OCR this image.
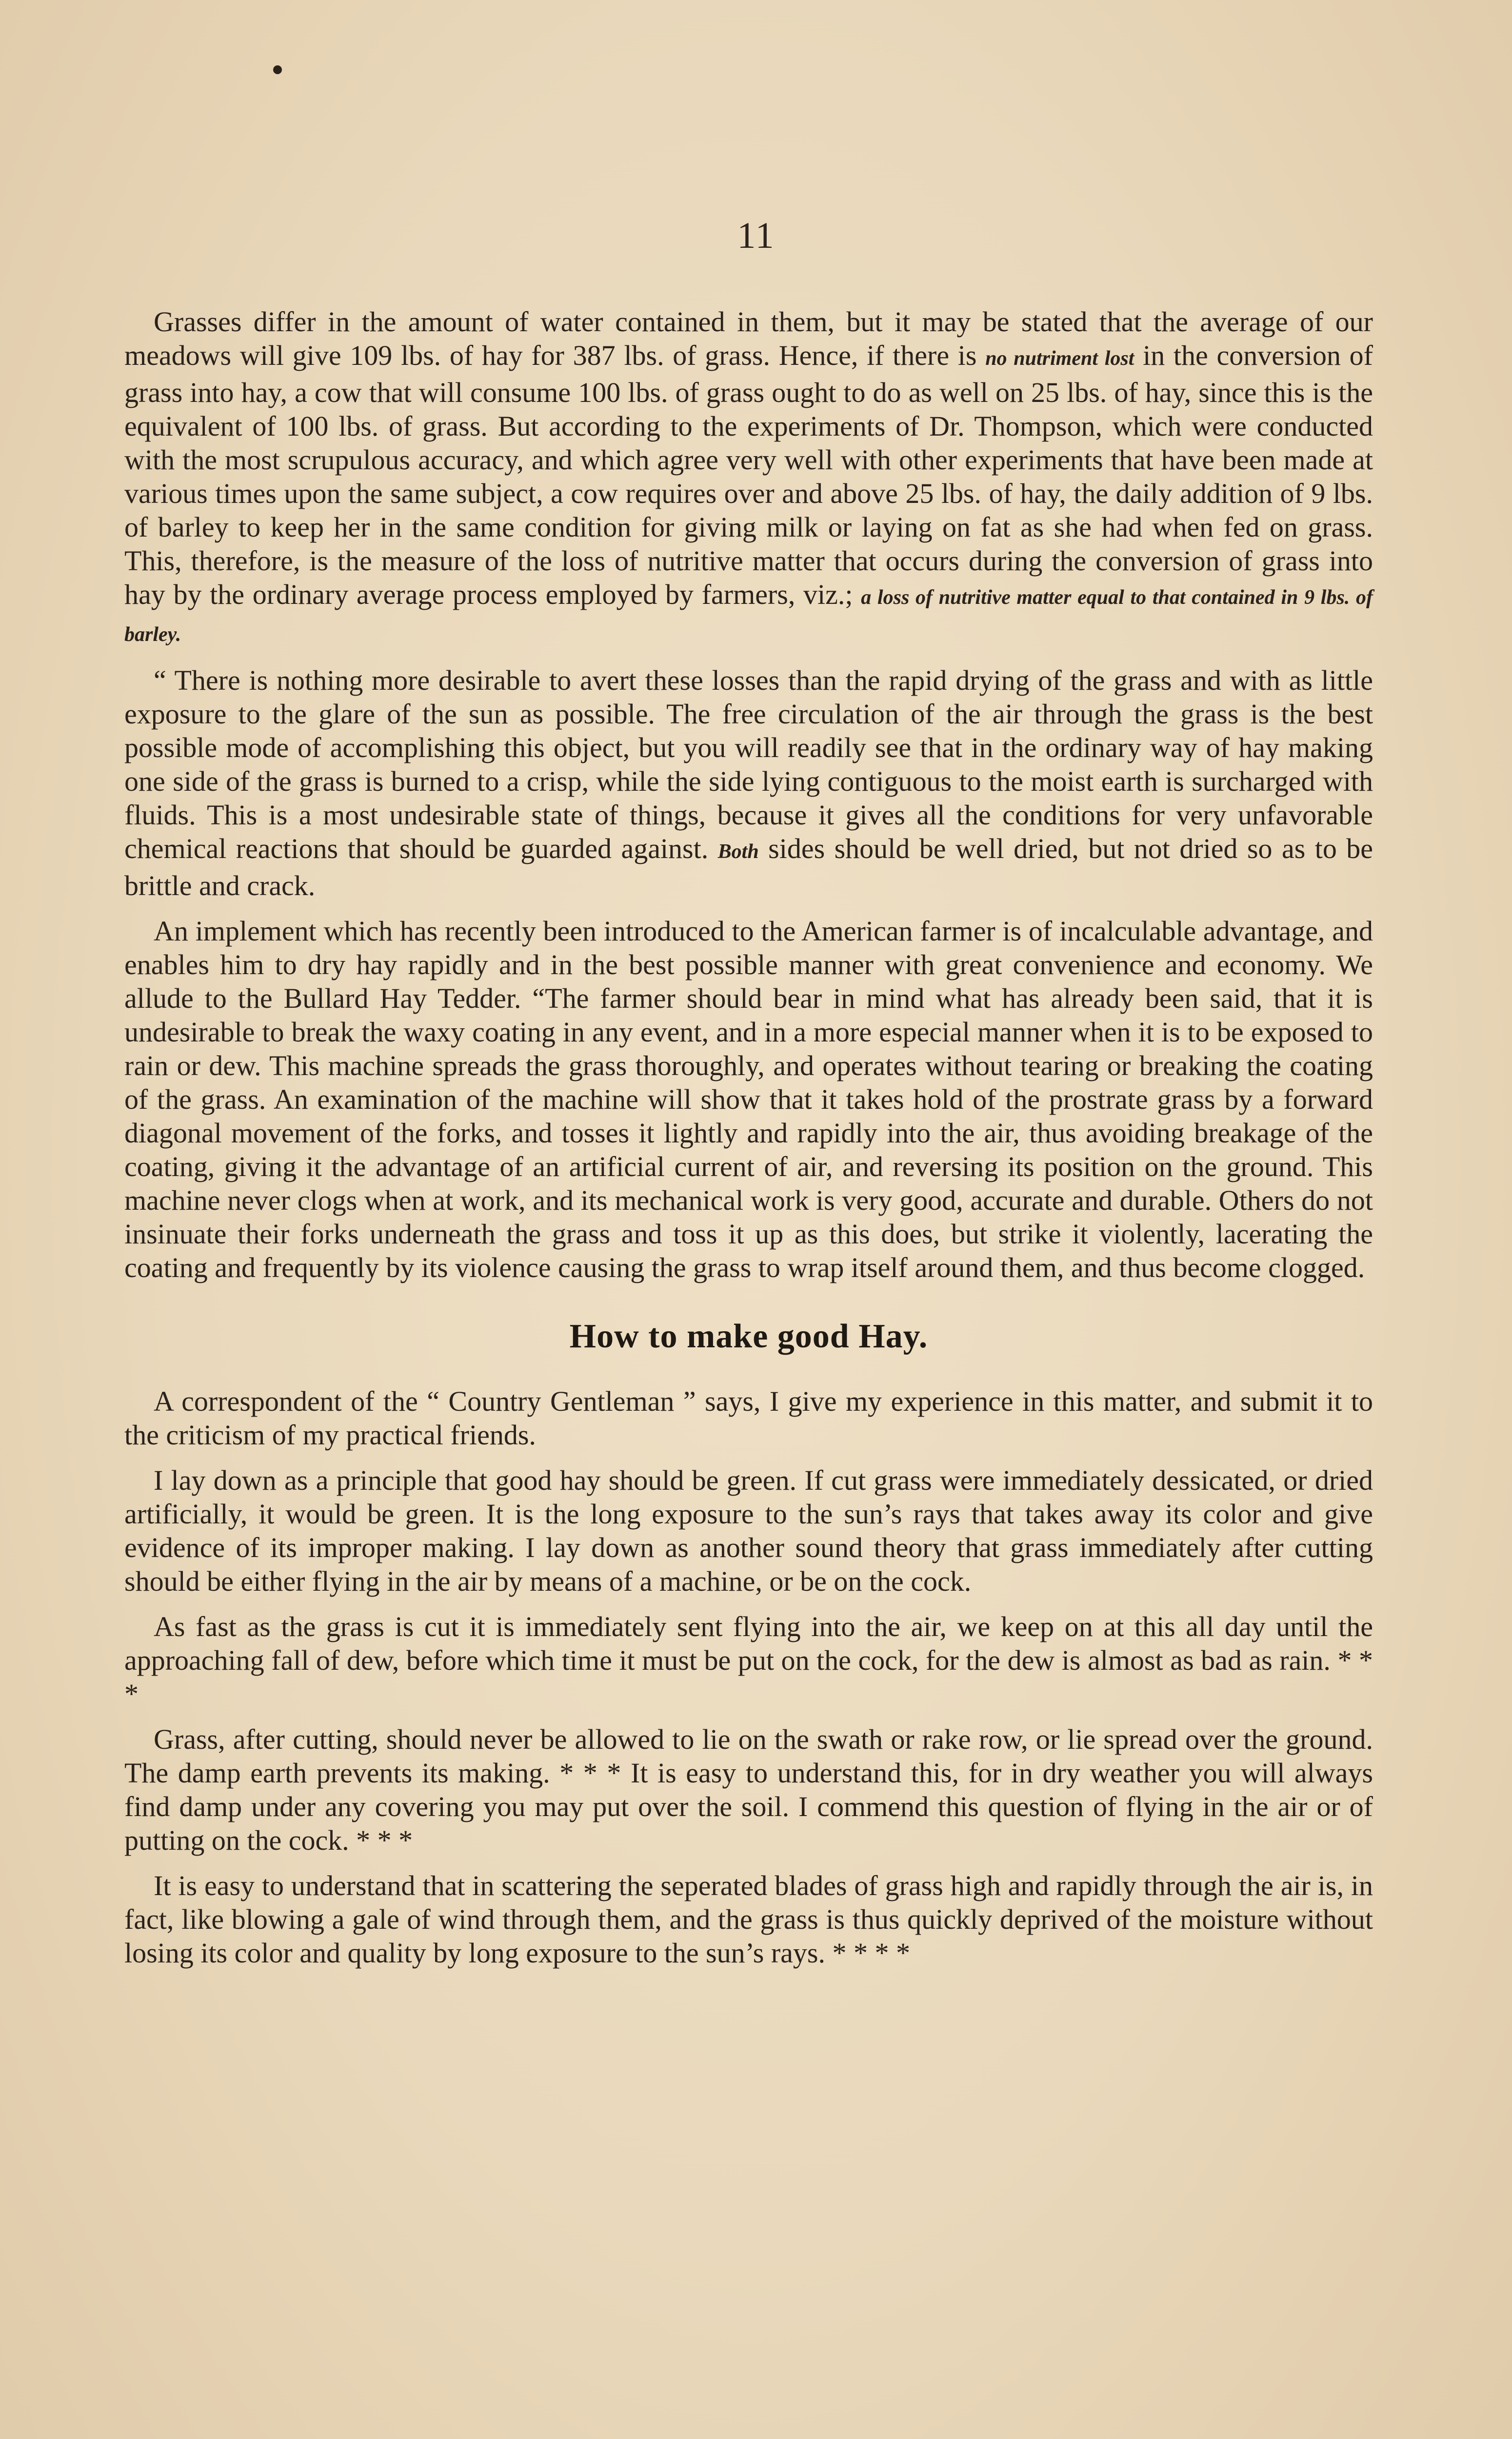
11

Grasses differ in the amount of water contained in them, but it may be stated that the average of our meadows will give 109 lbs. of hay for 387 lbs. of grass. Hence, if there is no nutriment lost in the conversion of grass into hay, a cow that will consume 100 lbs. of grass ought to do as well on 25 lbs. of hay, since this is the equivalent of 100 lbs. of grass. But according to the experiments of Dr. Thompson, which were conducted with the most scrupulous accuracy, and which agree very well with other experiments that have been made at various times upon the same subject, a cow requires over and above 25 lbs. of hay, the daily addition of 9 lbs. of barley to keep her in the same condition for giving milk or laying on fat as she had when fed on grass. This, therefore, is the measure of the loss of nutritive matter that occurs during the conversion of grass into hay by the ordinary average process employed by farmers, viz.; a loss of nutritive matter equal to that contained in 9 lbs. of barley.

“ There is nothing more desirable to avert these losses than the rapid drying of the grass and with as little exposure to the glare of the sun as possible. The free circulation of the air through the grass is the best possible mode of accomplishing this object, but you will readily see that in the ordinary way of hay making one side of the grass is burned to a crisp, while the side lying contiguous to the moist earth is surcharged with fluids. This is a most undesirable state of things, because it gives all the conditions for very unfavorable chemical reactions that should be guarded against. Both sides should be well dried, but not dried so as to be brittle and crack.

An implement which has recently been introduced to the American farmer is of incalculable advantage, and enables him to dry hay rapidly and in the best possible manner with great convenience and economy. We allude to the Bullard Hay Tedder. “The farmer should bear in mind what has already been said, that it is undesirable to break the waxy coating in any event, and in a more especial manner when it is to be exposed to rain or dew. This machine spreads the grass thoroughly, and operates without tearing or breaking the coating of the grass. An examination of the machine will show that it takes hold of the prostrate grass by a forward diagonal movement of the forks, and tosses it lightly and rapidly into the air, thus avoiding breakage of the coating, giving it the advantage of an artificial current of air, and reversing its position on the ground. This machine never clogs when at work, and its mechanical work is very good, accurate and durable. Others do not insinuate their forks underneath the grass and toss it up as this does, but strike it violently, lacerating the coating and frequently by its violence causing the grass to wrap itself around them, and thus become clogged.

How to make good Hay.

A correspondent of the “ Country Gentleman ” says, I give my experience in this matter, and submit it to the criticism of my practical friends.

I lay down as a principle that good hay should be green. If cut grass were immediately dessicated, or dried artificially, it would be green. It is the long exposure to the sun’s rays that takes away its color and give evidence of its improper making. I lay down as another sound theory that grass immediately after cutting should be either flying in the air by means of a machine, or be on the cock.

As fast as the grass is cut it is immediately sent flying into the air, we keep on at this all day until the approaching fall of dew, before which time it must be put on the cock, for the dew is almost as bad as rain. * * *

Grass, after cutting, should never be allowed to lie on the swath or rake row, or lie spread over the ground. The damp earth prevents its making. * * * It is easy to understand this, for in dry weather you will always find damp under any covering you may put over the soil. I commend this question of flying in the air or of putting on the cock. * * *

It is easy to understand that in scattering the seperated blades of grass high and rapidly through the air is, in fact, like blowing a gale of wind through them, and the grass is thus quickly deprived of the moisture without losing its color and quality by long exposure to the sun’s rays. * * * *
